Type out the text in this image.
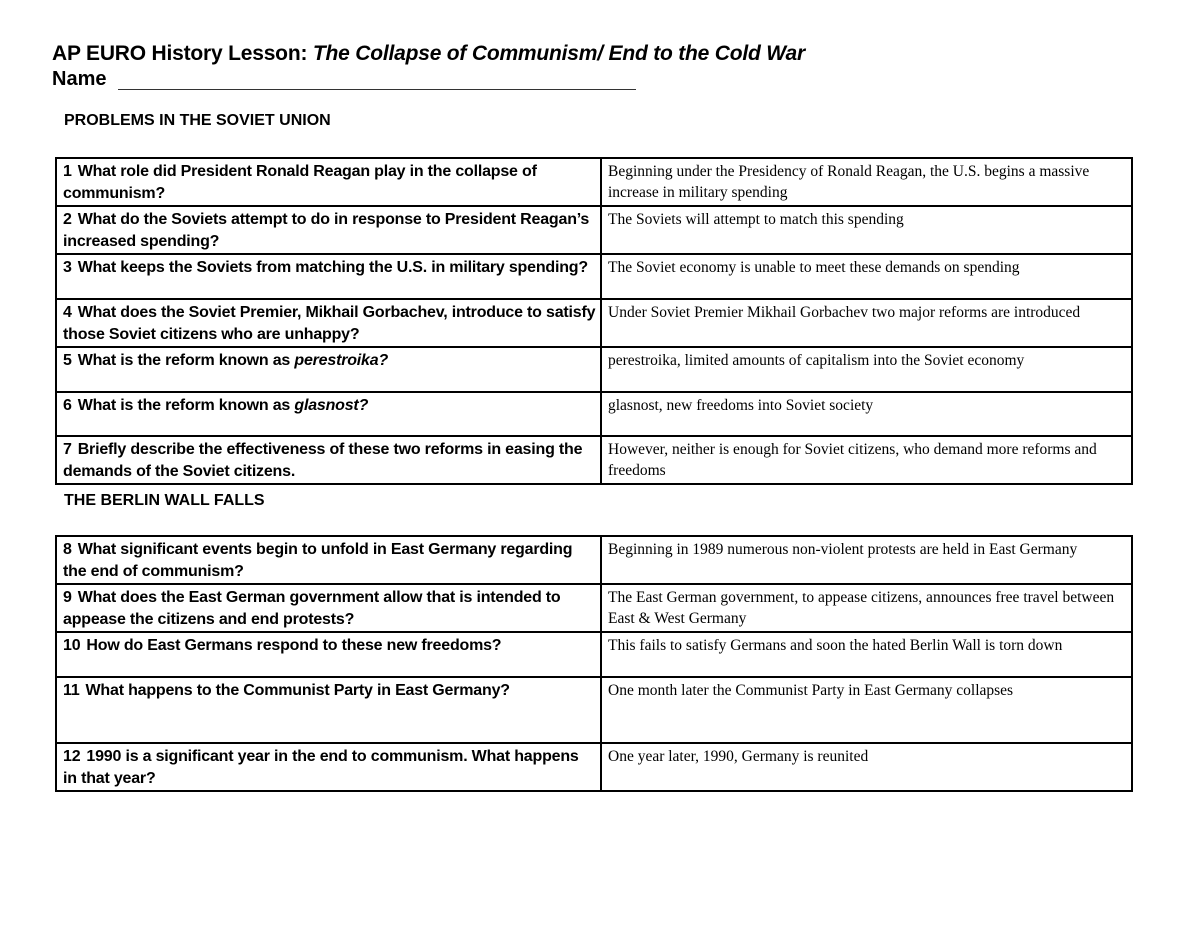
AP EURO History Lesson: The Collapse of Communism/ End to the Cold War
Name
PROBLEMS IN THE SOVIET UNION
1 What role did President Ronald Reagan play in the collapse of communism?	Beginning under the Presidency of Ronald Reagan, the U.S. begins a massive increase in military spending
2 What do the Soviets attempt to do in response to President Reagan’s increased spending?	The Soviets will attempt to match this spending
3 What keeps the Soviets from matching the U.S. in military spending?	The Soviet economy is unable to meet these demands on spending
4 What does the Soviet Premier, Mikhail Gorbachev, introduce to satisfy those Soviet citizens who are unhappy?	Under Soviet Premier Mikhail Gorbachev two major reforms are introduced
5 What is the reform known as perestroika?	perestroika, limited amounts of capitalism into the Soviet economy
6 What is the reform known as glasnost?	glasnost, new freedoms into Soviet society
7 Briefly describe the effectiveness of these two reforms in easing the demands of the Soviet citizens.	However, neither is enough for Soviet citizens, who demand more reforms and freedoms
THE BERLIN WALL FALLS
8 What significant events begin to unfold in East Germany regarding the end of communism?	Beginning in 1989 numerous non-violent protests are held in East Germany
9 What does the East German government allow that is intended to appease the citizens and end protests?	The East German government, to appease citizens, announces free travel between East & West Germany
10 How do East Germans respond to these new freedoms?	This fails to satisfy Germans and soon the hated Berlin Wall is torn down
11 What happens to the Communist Party in East Germany?	One month later the Communist Party in East Germany collapses
12 1990 is a significant year in the end to communism. What happens in that year?	One year later, 1990, Germany is reunited
